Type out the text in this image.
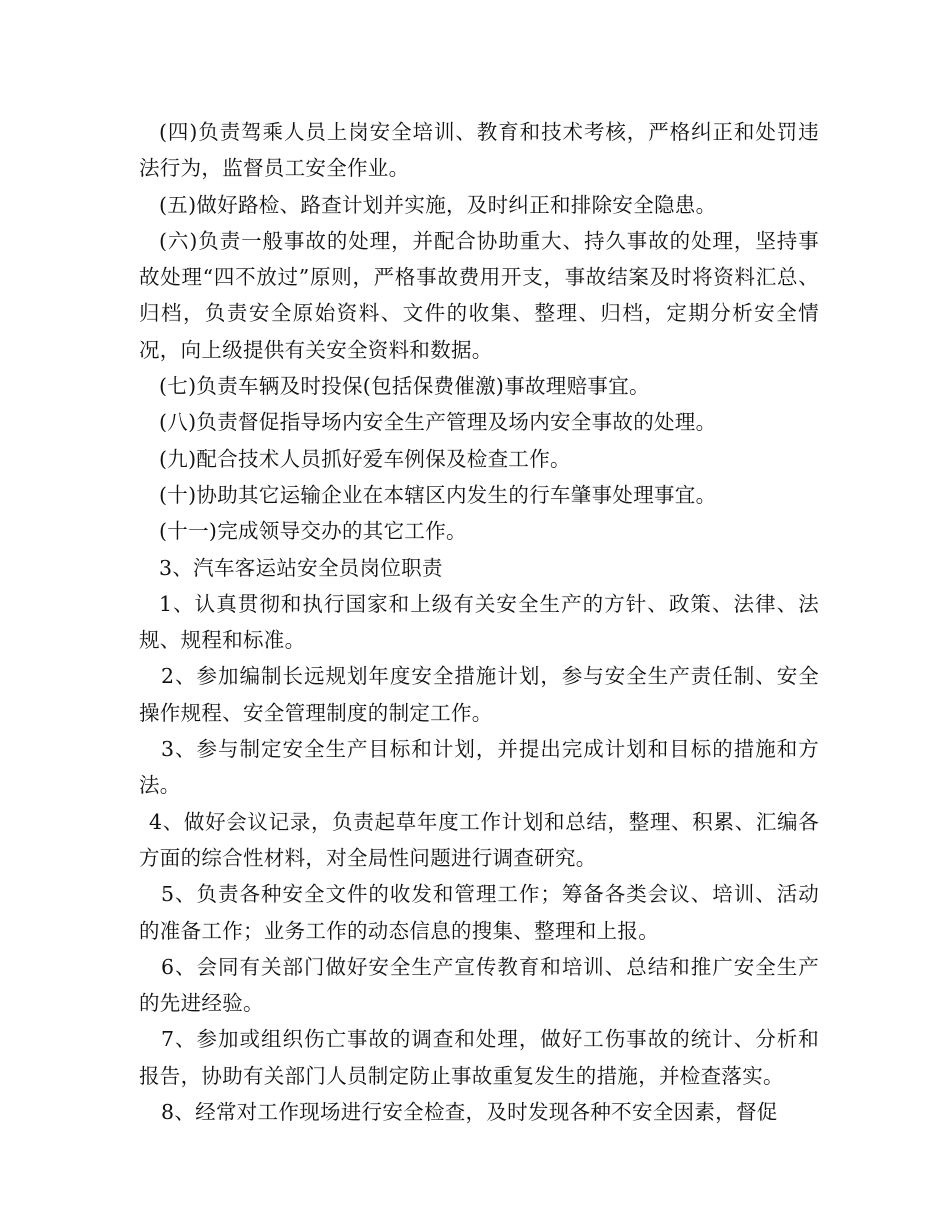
(四)负责驾乘人员上岗安全培训、教育和技术考核，严格纠正和处罚违法行为，监督员工安全作业。

(五)做好路检、路查计划并实施，及时纠正和排除安全隐患。

(六)负责一般事故的处理，并配合协助重大、持久事故的处理，坚持事故处理“四不放过”原则，严格事故费用开支，事故结案及时将资料汇总、归档，负责安全原始资料、文件的收集、整理、归档，定期分析安全情况，向上级提供有关安全资料和数据。

(七)负责车辆及时投保(包括保费催激)事故理赔事宜。

(八)负责督促指导场内安全生产管理及场内安全事故的处理。

(九)配合技术人员抓好爱车例保及检查工作。

(十)协助其它运输企业在本辖区内发生的行车肇事处理事宜。

(十一)完成领导交办的其它工作。

3、汽车客运站安全员岗位职责

1、认真贯彻和执行国家和上级有关安全生产的方针、政策、法律、法规、规程和标准。

2、参加编制长远规划年度安全措施计划，参与安全生产责任制、安全操作规程、安全管理制度的制定工作。

3、参与制定安全生产目标和计划，并提出完成计划和目标的措施和方法。

4、做好会议记录，负责起草年度工作计划和总结，整理、积累、汇编各方面的综合性材料，对全局性问题进行调查研究。

5、负责各种安全文件的收发和管理工作；筹备各类会议、培训、活动的准备工作；业务工作的动态信息的搜集、整理和上报。

6、会同有关部门做好安全生产宣传教育和培训、总结和推广安全生产的先进经验。

7、参加或组织伤亡事故的调查和处理，做好工伤事故的统计、分析和报告，协助有关部门人员制定防止事故重复发生的措施，并检查落实。

8、经常对工作现场进行安全检查，及时发现各种不安全因素，督促
